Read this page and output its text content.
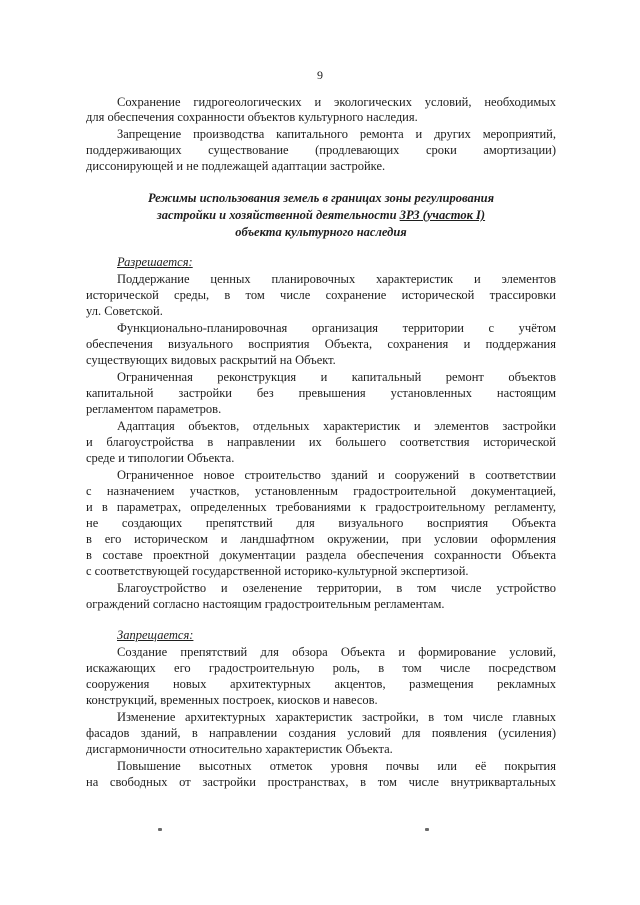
9
Сохранение гидрогеологических и экологических условий, необходимых
для обеспечения сохранности объектов культурного наследия.
Запрещение производства капитального ремонта и других мероприятий,
поддерживающих существование (продлевающих сроки амортизации)
диссонирующей и не подлежащей адаптации застройке.
Режимы использования земель в границах зоны регулирования
застройки и хозяйственной деятельности ЗРЗ (участок I)
объекта культурного наследия
Разрешается:
Поддержание ценных планировочных характеристик и элементов
исторической среды, в том числе сохранение исторической трассировки
ул. Советской.
Функционально-планировочная организация территории с учётом
обеспечения визуального восприятия Объекта, сохранения и поддержания
существующих видовых раскрытий на Объект.
Ограниченная реконструкция и капитальный ремонт объектов
капитальной застройки без превышения установленных настоящим
регламентом параметров.
Адаптация объектов, отдельных характеристик и элементов застройки
и благоустройства в направлении их большего соответствия исторической
среде и типологии Объекта.
Ограниченное новое строительство зданий и сооружений в соответствии
с назначением участков, установленным градостроительной документацией,
и в параметрах, определенных требованиями к градостроительному регламенту,
не создающих препятствий для визуального восприятия Объекта
в его историческом и ландшафтном окружении, при условии оформления
в составе проектной документации раздела обеспечения сохранности Объекта
с соответствующей государственной историко-культурной экспертизой.
Благоустройство и озеленение территории, в том числе устройство
ограждений согласно настоящим градостроительным регламентам.
Запрещается:
Создание препятствий для обзора Объекта и формирование условий,
искажающих его градостроительную роль, в том числе посредством
сооружения новых архитектурных акцентов, размещения рекламных
конструкций, временных построек, киосков и навесов.
Изменение архитектурных характеристик застройки, в том числе главных
фасадов зданий, в направлении создания условий для появления (усиления)
дисгармоничности относительно характеристик Объекта.
Повышение высотных отметок уровня почвы или её покрытия
на свободных от застройки пространствах, в том числе внутриквартальных
